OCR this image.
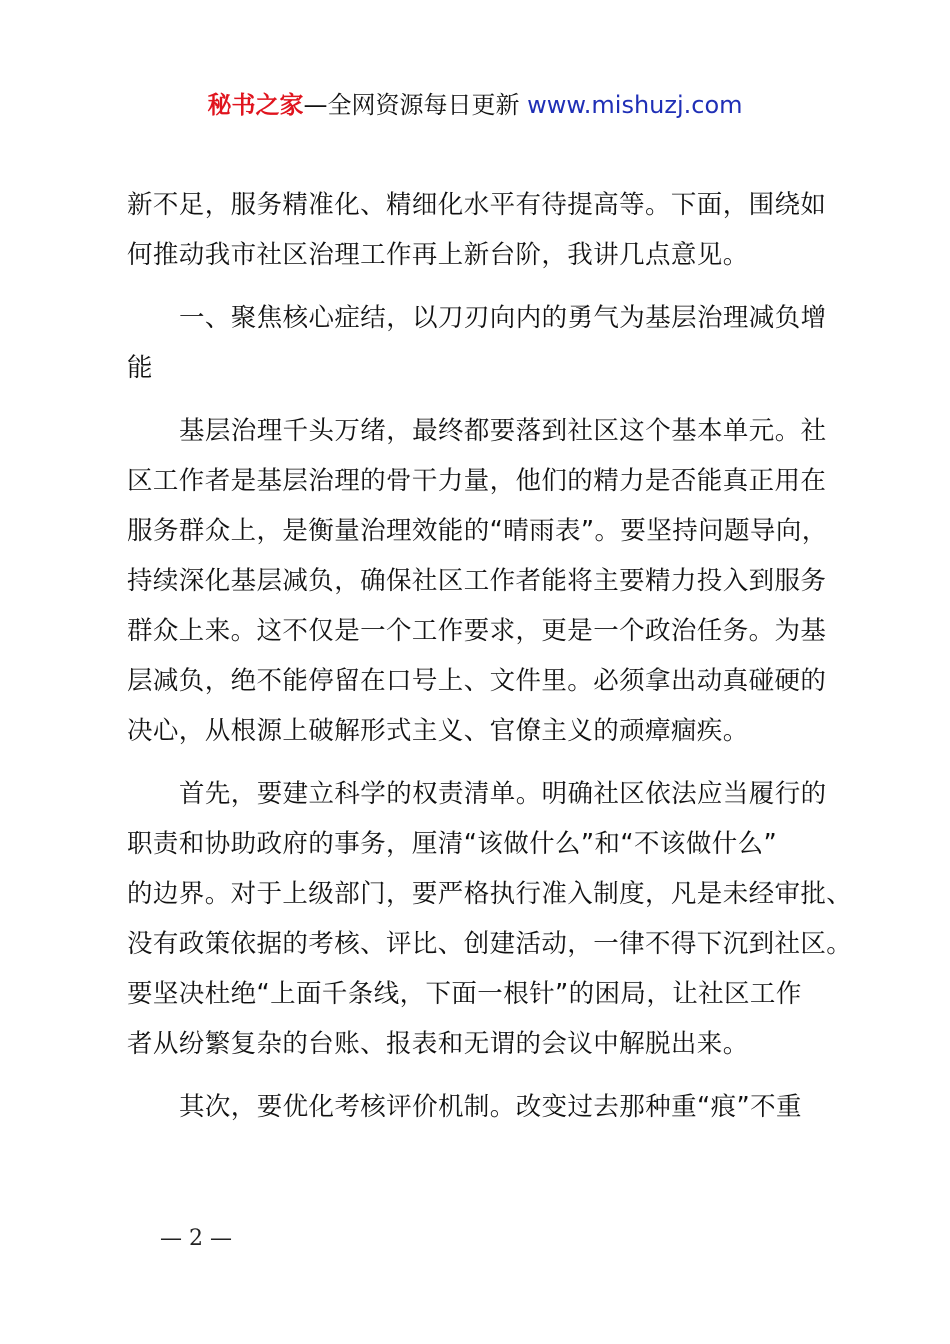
秘书之家—全网资源每日更新 www.mishuzj.com
新不足，服务精准化、精细化水平有待提高等。下面，围绕如
何推动我市社区治理工作再上新台阶，我讲几点意见。
一、聚焦核心症结，以刀刃向内的勇气为基层治理减负增
能
基层治理千头万绪，最终都要落到社区这个基本单元。社
区工作者是基层治理的骨干力量，他们的精力是否能真正用在
服务群众上，是衡量治理效能的“晴雨表”。要坚持问题导向，
持续深化基层减负，确保社区工作者能将主要精力投入到服务
群众上来。这不仅是一个工作要求，更是一个政治任务。为基
层减负，绝不能停留在口号上、文件里。必须拿出动真碰硬的
决心，从根源上破解形式主义、官僚主义的顽瘴痼疾。
首先，要建立科学的权责清单。明确社区依法应当履行的
职责和协助政府的事务，厘清“该做什么”和“不该做什么”
的边界。对于上级部门，要严格执行准入制度，凡是未经审批、
没有政策依据的考核、评比、创建活动，一律不得下沉到社区。
要坚决杜绝“上面千条线，下面一根针”的困局，让社区工作
者从纷繁复杂的台账、报表和无谓的会议中解脱出来。
其次，要优化考核评价机制。改变过去那种重“痕”不重
— 2 —
